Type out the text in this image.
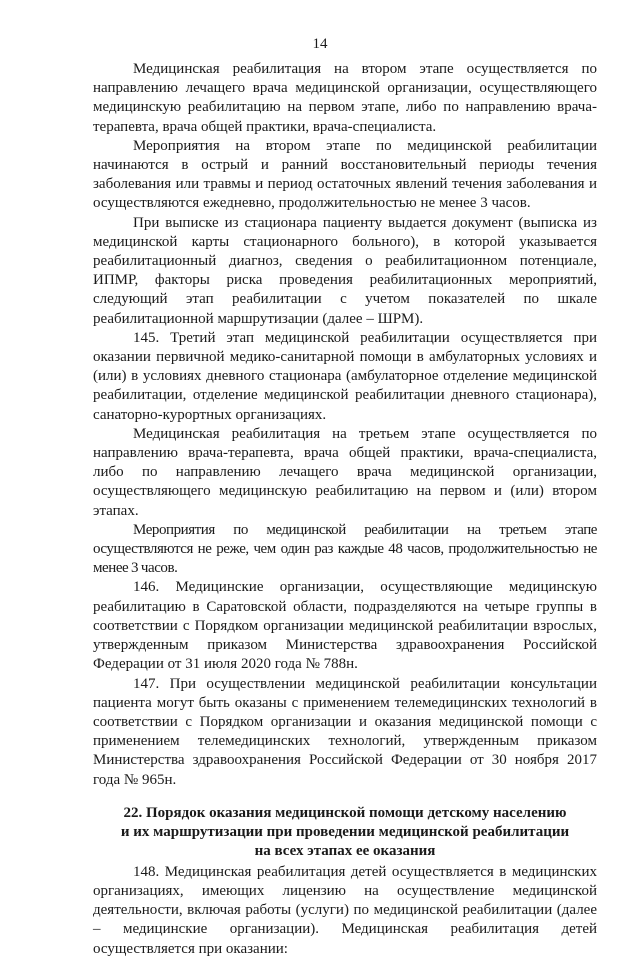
14

Медицинская реабилитация на втором этапе осуществляется по направлению лечащего врача медицинской организации, осуществляющего медицинскую реабилитацию на первом этапе, либо по направлению врача-терапевта, врача общей практики, врача-специалиста.

Мероприятия на втором этапе по медицинской реабилитации начинаются в острый и ранний восстановительный периоды течения заболевания или травмы и период остаточных явлений течения заболевания и осуществляются ежедневно, продолжительностью не менее 3 часов.

При выписке из стационара пациенту выдается документ (выписка из медицинской карты стационарного больного), в которой указывается реабилитационный диагноз, сведения о реабилитационном потенциале, ИПМР, факторы риска проведения реабилитационных мероприятий, следующий этап реабилитации с учетом показателей по шкале реабилитационной маршрутизации (далее – ШРМ).

145. Третий этап медицинской реабилитации осуществляется при оказании первичной медико-санитарной помощи в амбулаторных условиях и (или) в условиях дневного стационара (амбулаторное отделение медицинской реабилитации, отделение медицинской реабилитации дневного стационара), санаторно-курортных организациях.

Медицинская реабилитация на третьем этапе осуществляется по направлению врача-терапевта, врача общей практики, врача-специалиста, либо по направлению лечащего врача медицинской организации, осуществляющего медицинскую реабилитацию на первом и (или) втором этапах.

Мероприятия по медицинской реабилитации на третьем этапе осуществляются не реже, чем один раз каждые 48 часов, продолжительностью не менее 3 часов.

146. Медицинские организации, осуществляющие медицинскую реабилитацию в Саратовской области, подразделяются на четыре группы в соответствии с Порядком организации медицинской реабилитации взрослых, утвержденным приказом Министерства здравоохранения Российской Федерации от 31 июля 2020 года № 788н.

147. При осуществлении медицинской реабилитации консультации пациента могут быть оказаны с применением телемедицинских технологий в соответствии с Порядком организации и оказания медицинской помощи с применением телемедицинских технологий, утвержденным приказом Министерства здравоохранения Российской Федерации от 30 ноября 2017 года № 965н.

22. Порядок оказания медицинской помощи детскому населению
и их маршрутизации при проведении медицинской реабилитации
на всех этапах ее оказания

148. Медицинская реабилитация детей осуществляется в медицинских организациях, имеющих лицензию на осуществление медицинской деятельности, включая работы (услуги) по медицинской реабилитации (далее – медицинские организации). Медицинская реабилитация детей осуществляется при оказании:
